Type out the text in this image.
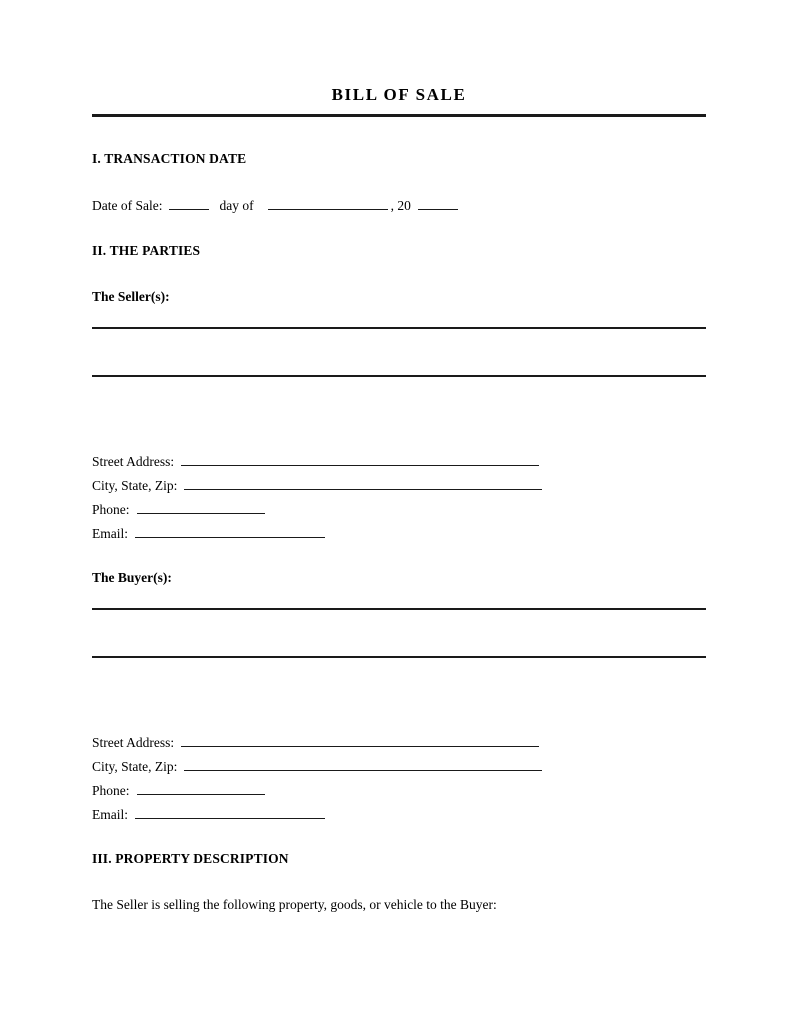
BILL OF SALE
I. TRANSACTION DATE
Date of Sale:	day of	, 20
II. THE PARTIES
The Seller(s):
Street Address:
City, State, Zip:
Phone:
Email:
The Buyer(s):
Street Address:
City, State, Zip:
Phone:
Email:
III. PROPERTY DESCRIPTION
The Seller is selling the following property, goods, or vehicle to the Buyer:
